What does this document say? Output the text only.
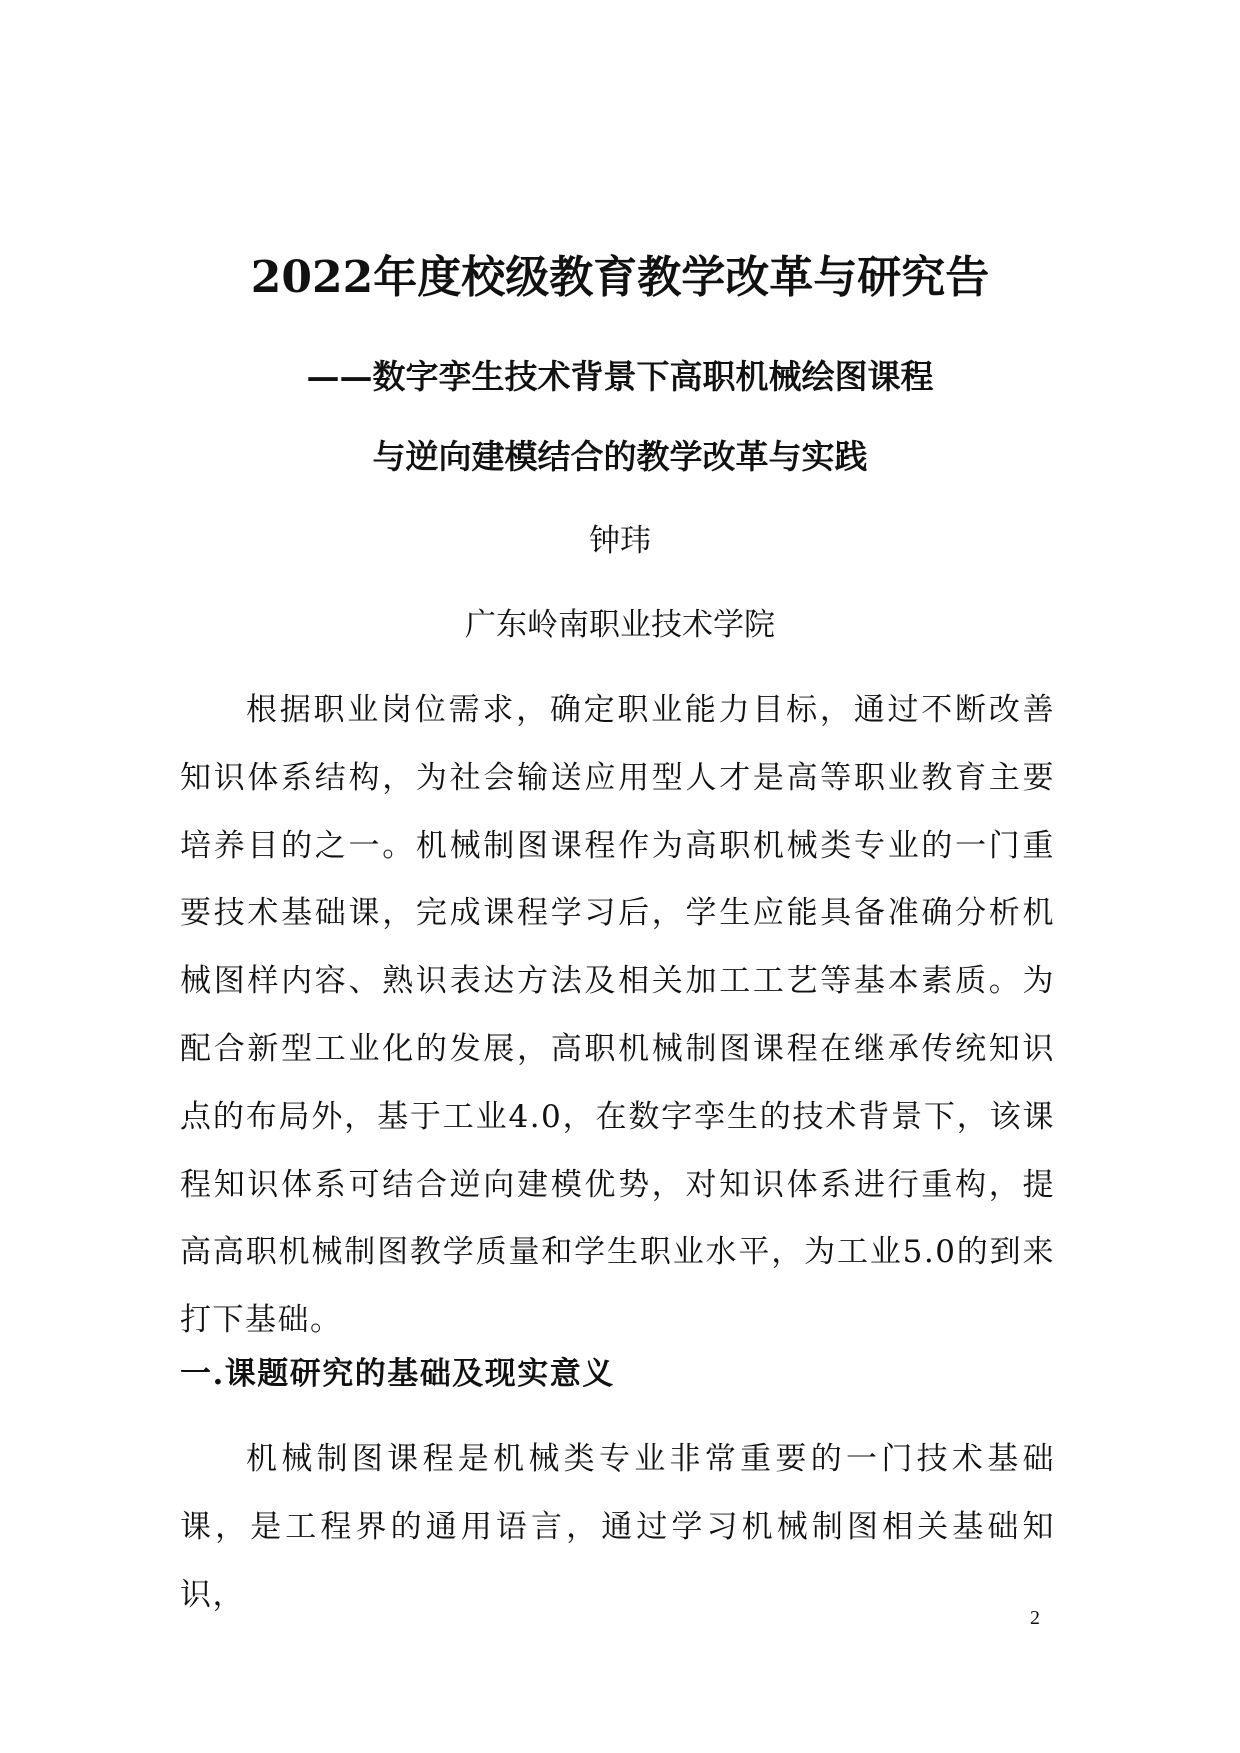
2022年度校级教育教学改革与研究告
——数字孪生技术背景下高职机械绘图课程
与逆向建模结合的教学改革与实践
钟玮
广东岭南职业技术学院

根据职业岗位需求，确定职业能力目标，通过不断改善知识体系结构，为社会输送应用型人才是高等职业教育主要培养目的之一。机械制图课程作为高职机械类专业的一门重要技术基础课，完成课程学习后，学生应能具备准确分析机械图样内容、熟识表达方法及相关加工工艺等基本素质。为配合新型工业化的发展，高职机械制图课程在继承传统知识点的布局外，基于工业4.0，在数字孪生的技术背景下，该课程知识体系可结合逆向建模优势，对知识体系进行重构，提高高职机械制图教学质量和学生职业水平，为工业5.0的到来打下基础。

一.课题研究的基础及现实意义

机械制图课程是机械类专业非常重要的一门技术基础课，是工程界的通用语言，通过学习机械制图相关基础知识，

2
